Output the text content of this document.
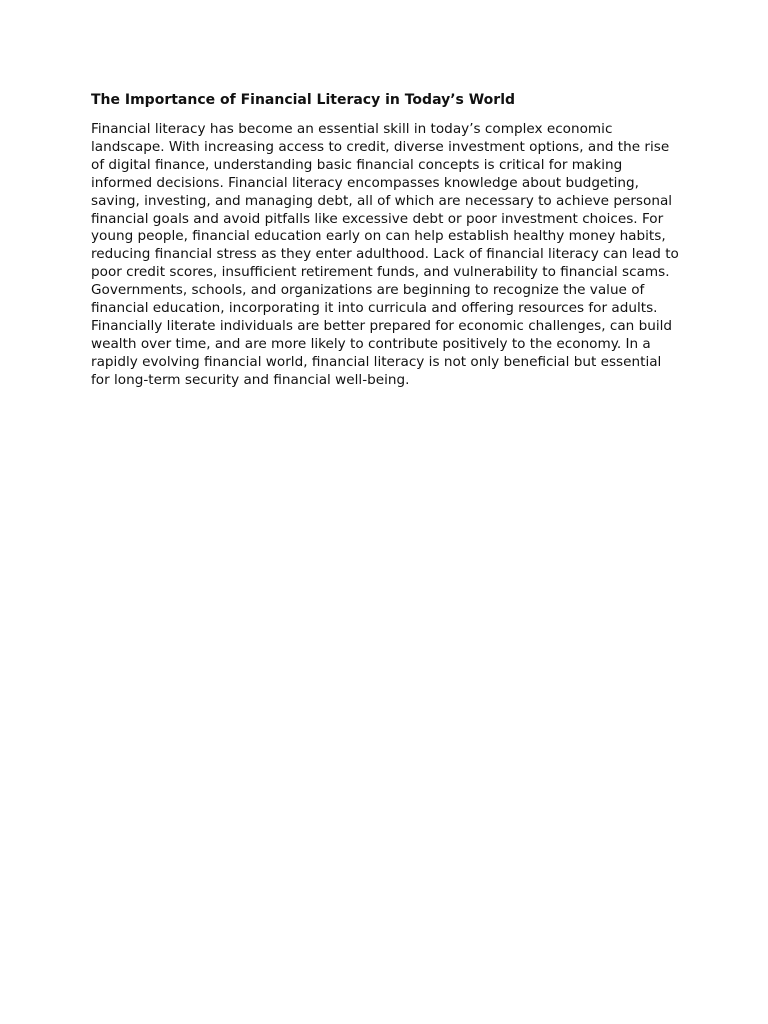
The Importance of Financial Literacy in Today’s World

Financial literacy has become an essential skill in today’s complex economic landscape. With increasing access to credit, diverse investment options, and the rise of digital finance, understanding basic financial concepts is critical for making informed decisions. Financial literacy encompasses knowledge about budgeting, saving, investing, and managing debt, all of which are necessary to achieve personal financial goals and avoid pitfalls like excessive debt or poor investment choices. For young people, financial education early on can help establish healthy money habits, reducing financial stress as they enter adulthood. Lack of financial literacy can lead to poor credit scores, insufficient retirement funds, and vulnerability to financial scams. Governments, schools, and organizations are beginning to recognize the value of financial education, incorporating it into curricula and offering resources for adults. Financially literate individuals are better prepared for economic challenges, can build wealth over time, and are more likely to contribute positively to the economy. In a rapidly evolving financial world, financial literacy is not only beneficial but essential for long-term security and financial well-being.
